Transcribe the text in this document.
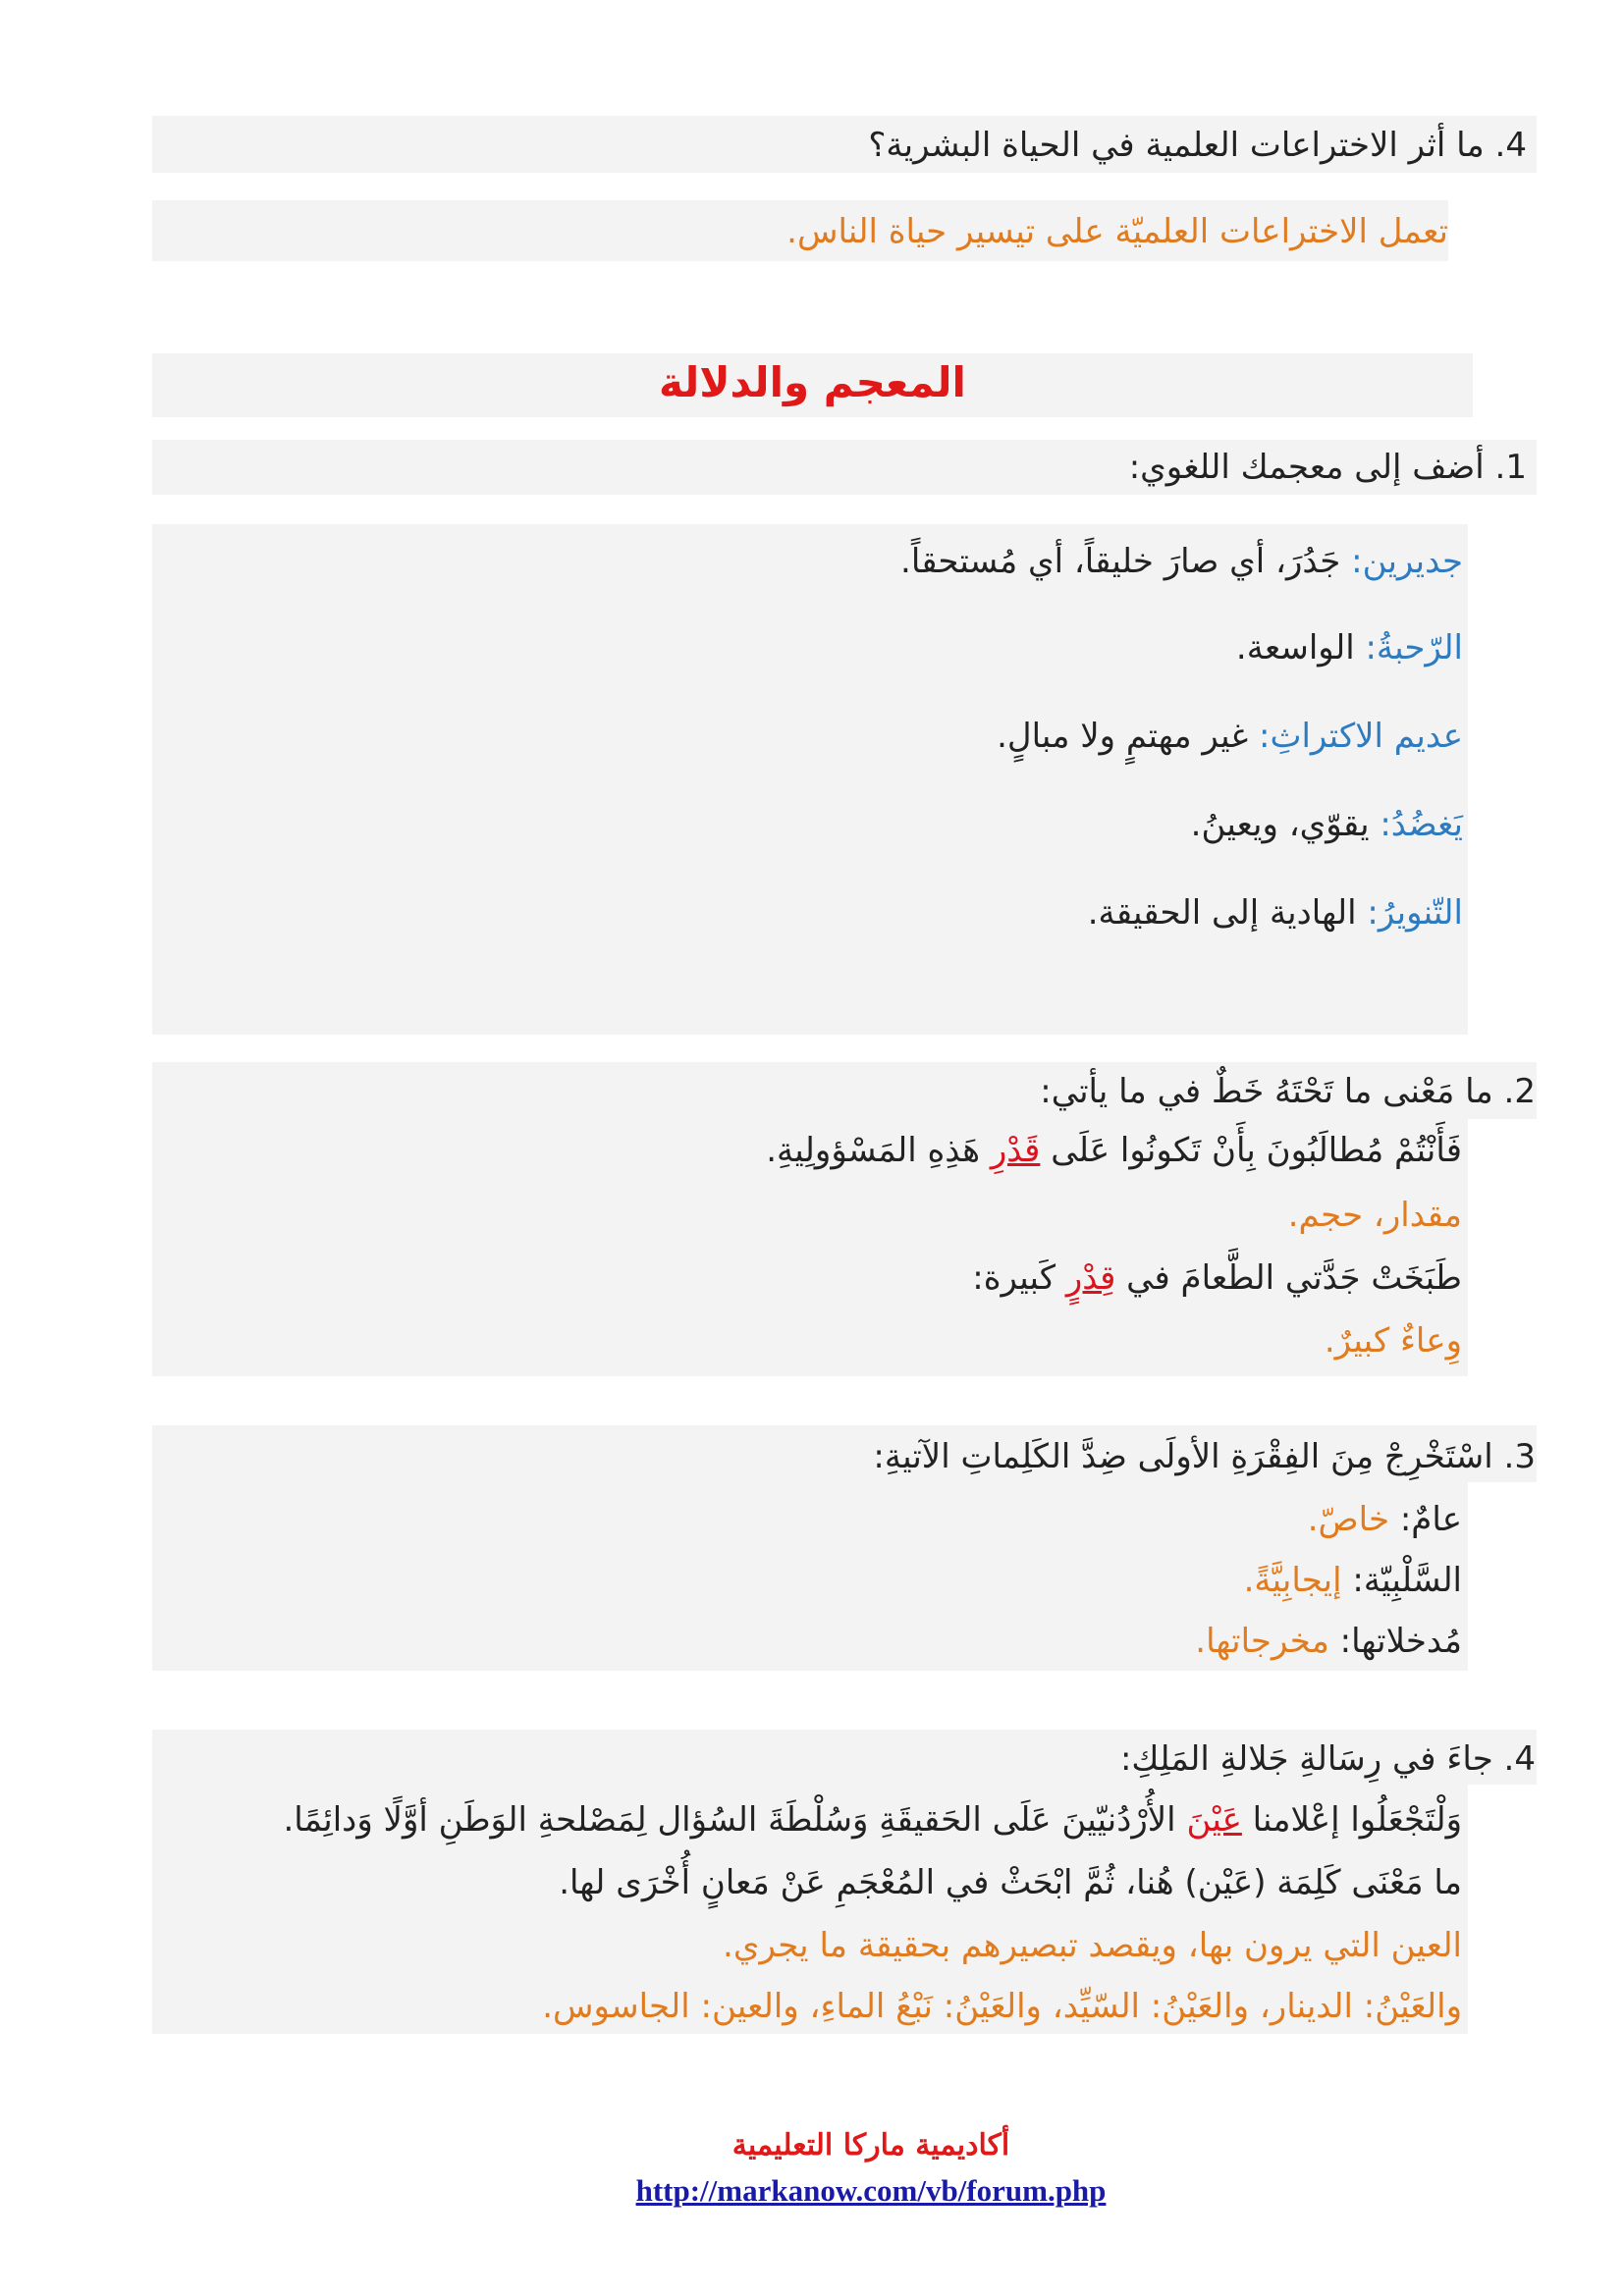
4. ما أثر الاختراعات العلمية في الحياة البشرية؟
تعمل الاختراعات العلميّة على تيسير حياة الناس.
المعجم والدلالة
1. أضف إلى معجمك اللغوي:
جديرين: جَدُرَ، أي صارَ خليقاً، أي مُستحقاً.
الرّحبةُ: الواسعة.
عديم الاكتراثِ: غير مهتمٍ ولا مبالٍ.
يَغضُدُ: يقوّي، ويعينُ.
التّنويرُ: الهادية إلى الحقيقة.
2. ما مَعْنى ما تَحْتَهُ خَطٌ في ما يأتي:
فَأَنْتُمْ مُطالَبُونَ بِأَنْ تَكونُوا عَلَى قَدْرِ هَذِهِ المَسْؤولِيةِ.
مقدار، حجم.
طَبَخَتْ جَدَّتي الطَّعامَ في قِدْرٍ كَبيرة:
وِعاءٌ كبيرٌ.
3. اسْتَخْرِجْ مِنَ الفِقْرَةِ الأولَى ضِدَّ الكَلِماتِ الآتيةِ:
عامٌ: خاصّ.
السَّلْبِيّة: إيجابِيَّةً.
مُدخلاتها: مخرجاتها.
4. جاءَ في رِسَالةِ جَلالةِ المَلِكِ:
وَلْتَجْعَلُوا إعْلامنا عَيْنَ الأُرْدُنيّينَ عَلَى الحَقيقَةِ وَسُلْطَةَ السُؤال لِمَصْلحةِ الوَطَنِ أوَّلًا وَدائِمًا.
ما مَعْنَى كَلِمَة (عَيْن) هُنا، ثُمَّ ابْحَثْ في المُعْجَمِ عَنْ مَعانٍ أُخْرَى لها.
العين التي يرون بها، ويقصد تبصيرهم بحقيقة ما يجري.
والعَيْنُ: الدينار، والعَيْنُ: السّيِّد، والعَيْنُ: نَبْعُ الماءِ، والعين: الجاسوس.
أكاديمية ماركا التعليمية
http://markanow.com/vb/forum.php
